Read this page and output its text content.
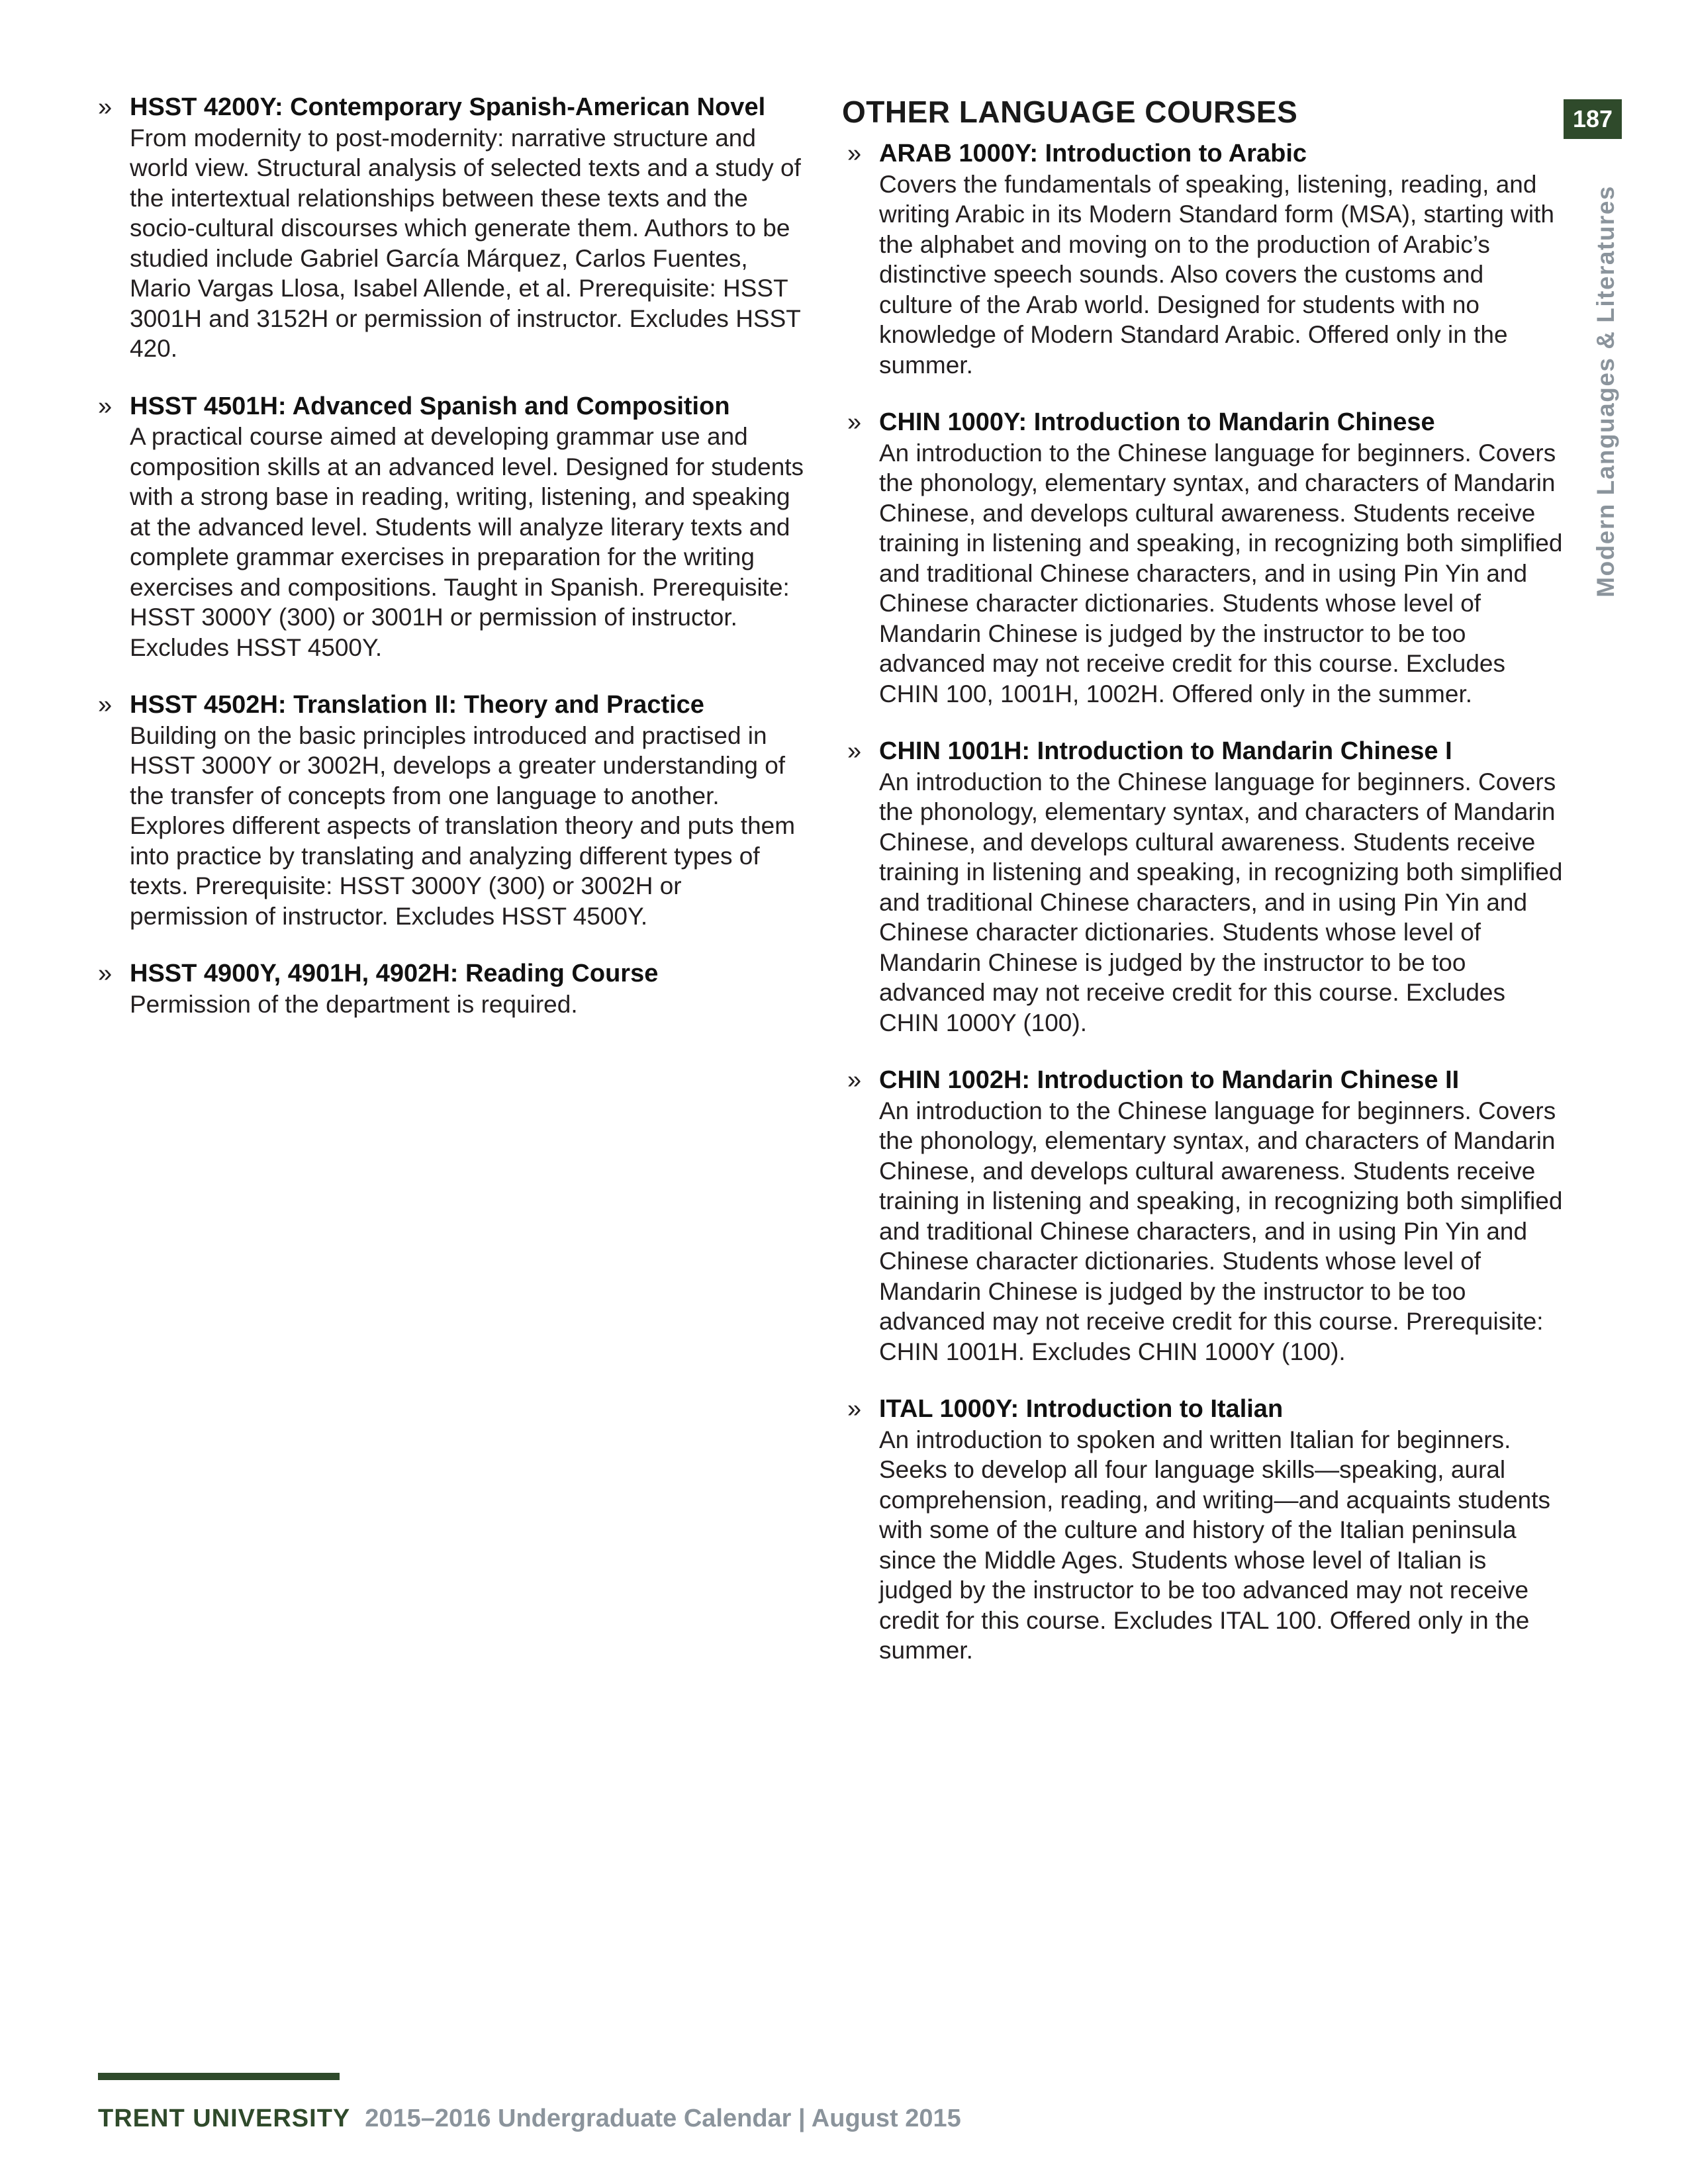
» HSST 4200Y: Contemporary Spanish-American Novel
From modernity to post-modernity: narrative structure and world view. Structural analysis of selected texts and a study of the intertextual relationships between these texts and the socio-cultural discourses which generate them. Authors to be studied include Gabriel García Márquez, Carlos Fuentes, Mario Vargas Llosa, Isabel Allende, et al. Prerequisite: HSST 3001H and 3152H or permission of instructor. Excludes HSST 420.
» HSST 4501H: Advanced Spanish and Composition
A practical course aimed at developing grammar use and composition skills at an advanced level. Designed for students with a strong base in reading, writing, listening, and speaking at the advanced level. Students will analyze literary texts and complete grammar exercises in preparation for the writing exercises and compositions. Taught in Spanish. Prerequisite: HSST 3000Y (300) or 3001H or permission of instructor. Excludes HSST 4500Y.
» HSST 4502H: Translation II: Theory and Practice
Building on the basic principles introduced and practised in HSST 3000Y or 3002H, develops a greater understanding of the transfer of concepts from one language to another. Explores different aspects of translation theory and puts them into practice by translating and analyzing different types of texts. Prerequisite: HSST 3000Y (300) or 3002H or permission of instructor. Excludes HSST 4500Y.
» HSST 4900Y, 4901H, 4902H: Reading Course
Permission of the department is required.
OTHER LANGUAGE COURSES
» ARAB 1000Y: Introduction to Arabic
Covers the fundamentals of speaking, listening, reading, and writing Arabic in its Modern Standard form (MSA), starting with the alphabet and moving on to the production of Arabic’s distinctive speech sounds. Also covers the customs and culture of the Arab world. Designed for students with no knowledge of Modern Standard Arabic. Offered only in the summer.
» CHIN 1000Y: Introduction to Mandarin Chinese
An introduction to the Chinese language for beginners. Covers the phonology, elementary syntax, and characters of Mandarin Chinese, and develops cultural awareness. Students receive training in listening and speaking, in recognizing both simplified and traditional Chinese characters, and in using Pin Yin and Chinese character dictionaries. Students whose level of Mandarin Chinese is judged by the instructor to be too advanced may not receive credit for this course. Excludes CHIN 100, 1001H, 1002H. Offered only in the summer.
» CHIN 1001H: Introduction to Mandarin Chinese I
An introduction to the Chinese language for beginners. Covers the phonology, elementary syntax, and characters of Mandarin Chinese, and develops cultural awareness. Students receive training in listening and speaking, in recognizing both simplified and traditional Chinese characters, and in using Pin Yin and Chinese character dictionaries. Students whose level of Mandarin Chinese is judged by the instructor to be too advanced may not receive credit for this course. Excludes CHIN 1000Y (100).
» CHIN 1002H: Introduction to Mandarin Chinese II
An introduction to the Chinese language for beginners. Covers the phonology, elementary syntax, and characters of Mandarin Chinese, and develops cultural awareness. Students receive training in listening and speaking, in recognizing both simplified and traditional Chinese characters, and in using Pin Yin and Chinese character dictionaries. Students whose level of Mandarin Chinese is judged by the instructor to be too advanced may not receive credit for this course. Prerequisite: CHIN 1001H. Excludes CHIN 1000Y (100).
» ITAL 1000Y: Introduction to Italian
An introduction to spoken and written Italian for beginners. Seeks to develop all four language skills—speaking, aural comprehension, reading, and writing—and acquaints students with some of the culture and history of the Italian peninsula since the Middle Ages. Students whose level of Italian is judged by the instructor to be too advanced may not receive credit for this course. Excludes ITAL 100. Offered only in the summer.
187
Modern Languages & Literatures
TRENT UNIVERSITY 2015–2016 Undergraduate Calendar | August 2015
